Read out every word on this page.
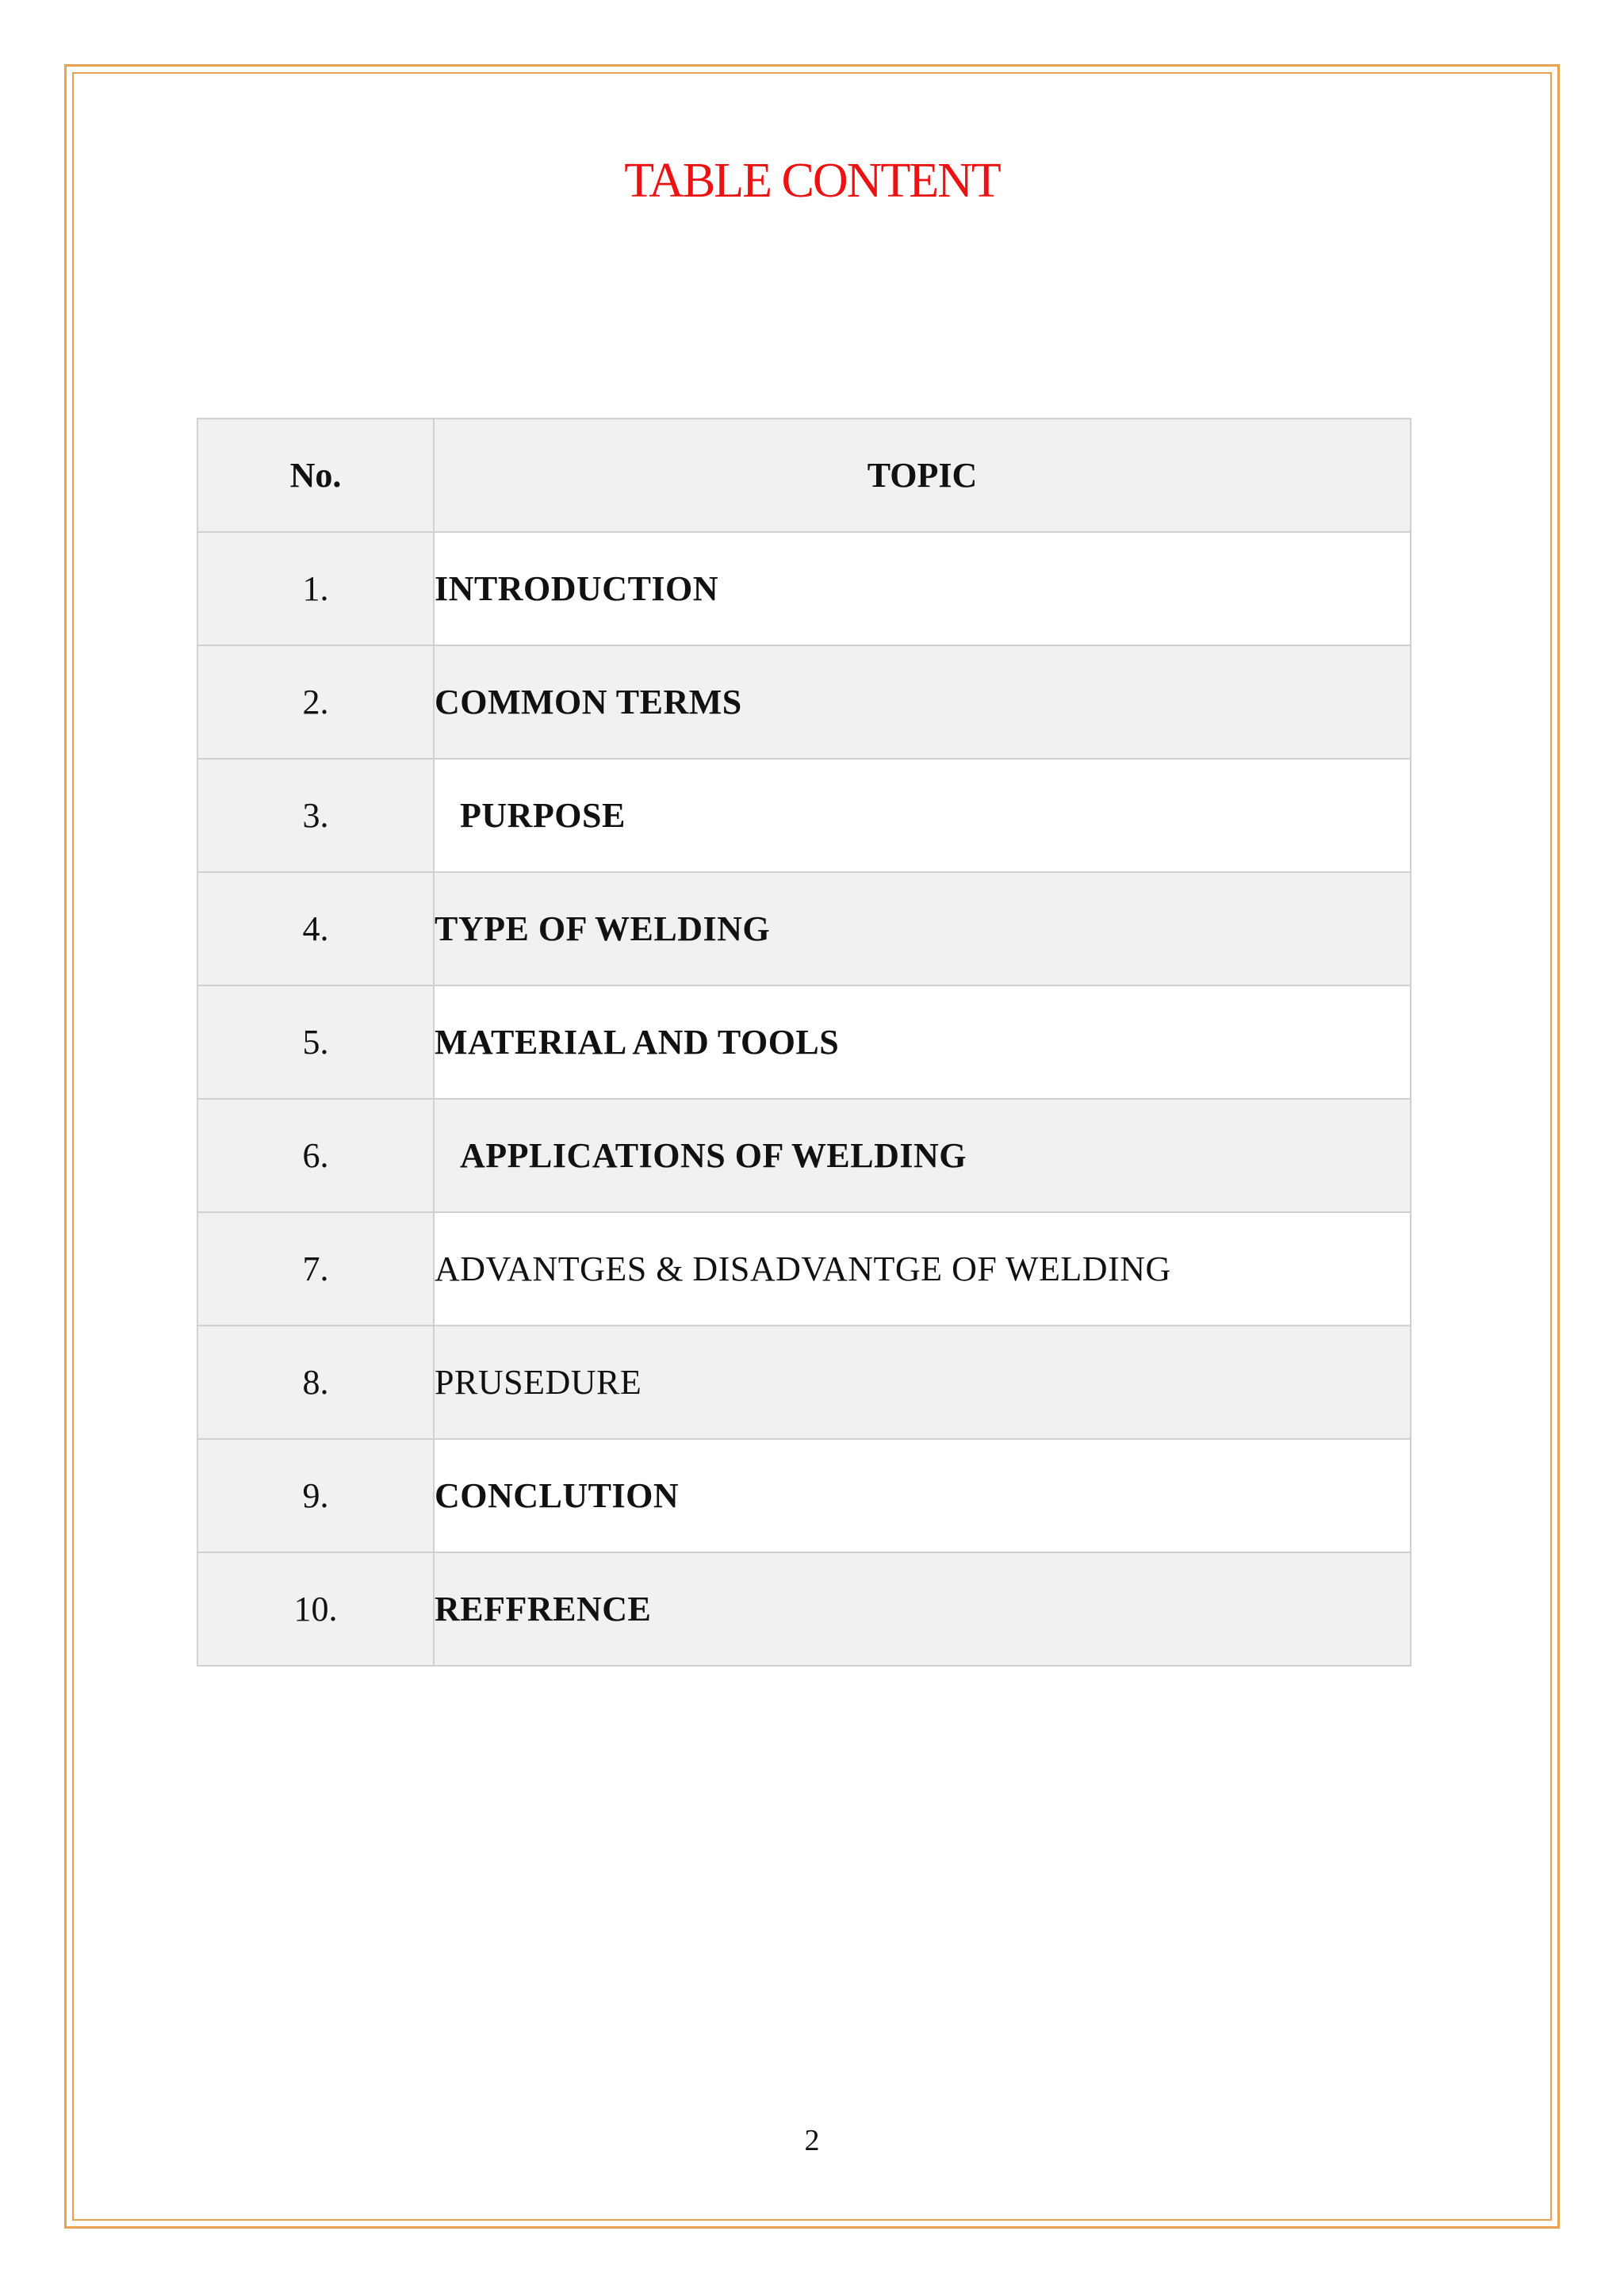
TABLE CONTENT
No.	TOPIC
1.	INTRODUCTION
2.	COMMON TERMS
3.	PURPOSE
4.	TYPE OF WELDING
5.	MATERIAL AND TOOLS
6.	APPLICATIONS OF WELDING
7.	ADVANTGES & DISADVANTGE OF WELDING
8.	PRUSEDURE
9.	CONCLUTION
10.	REFFRENCE
2
